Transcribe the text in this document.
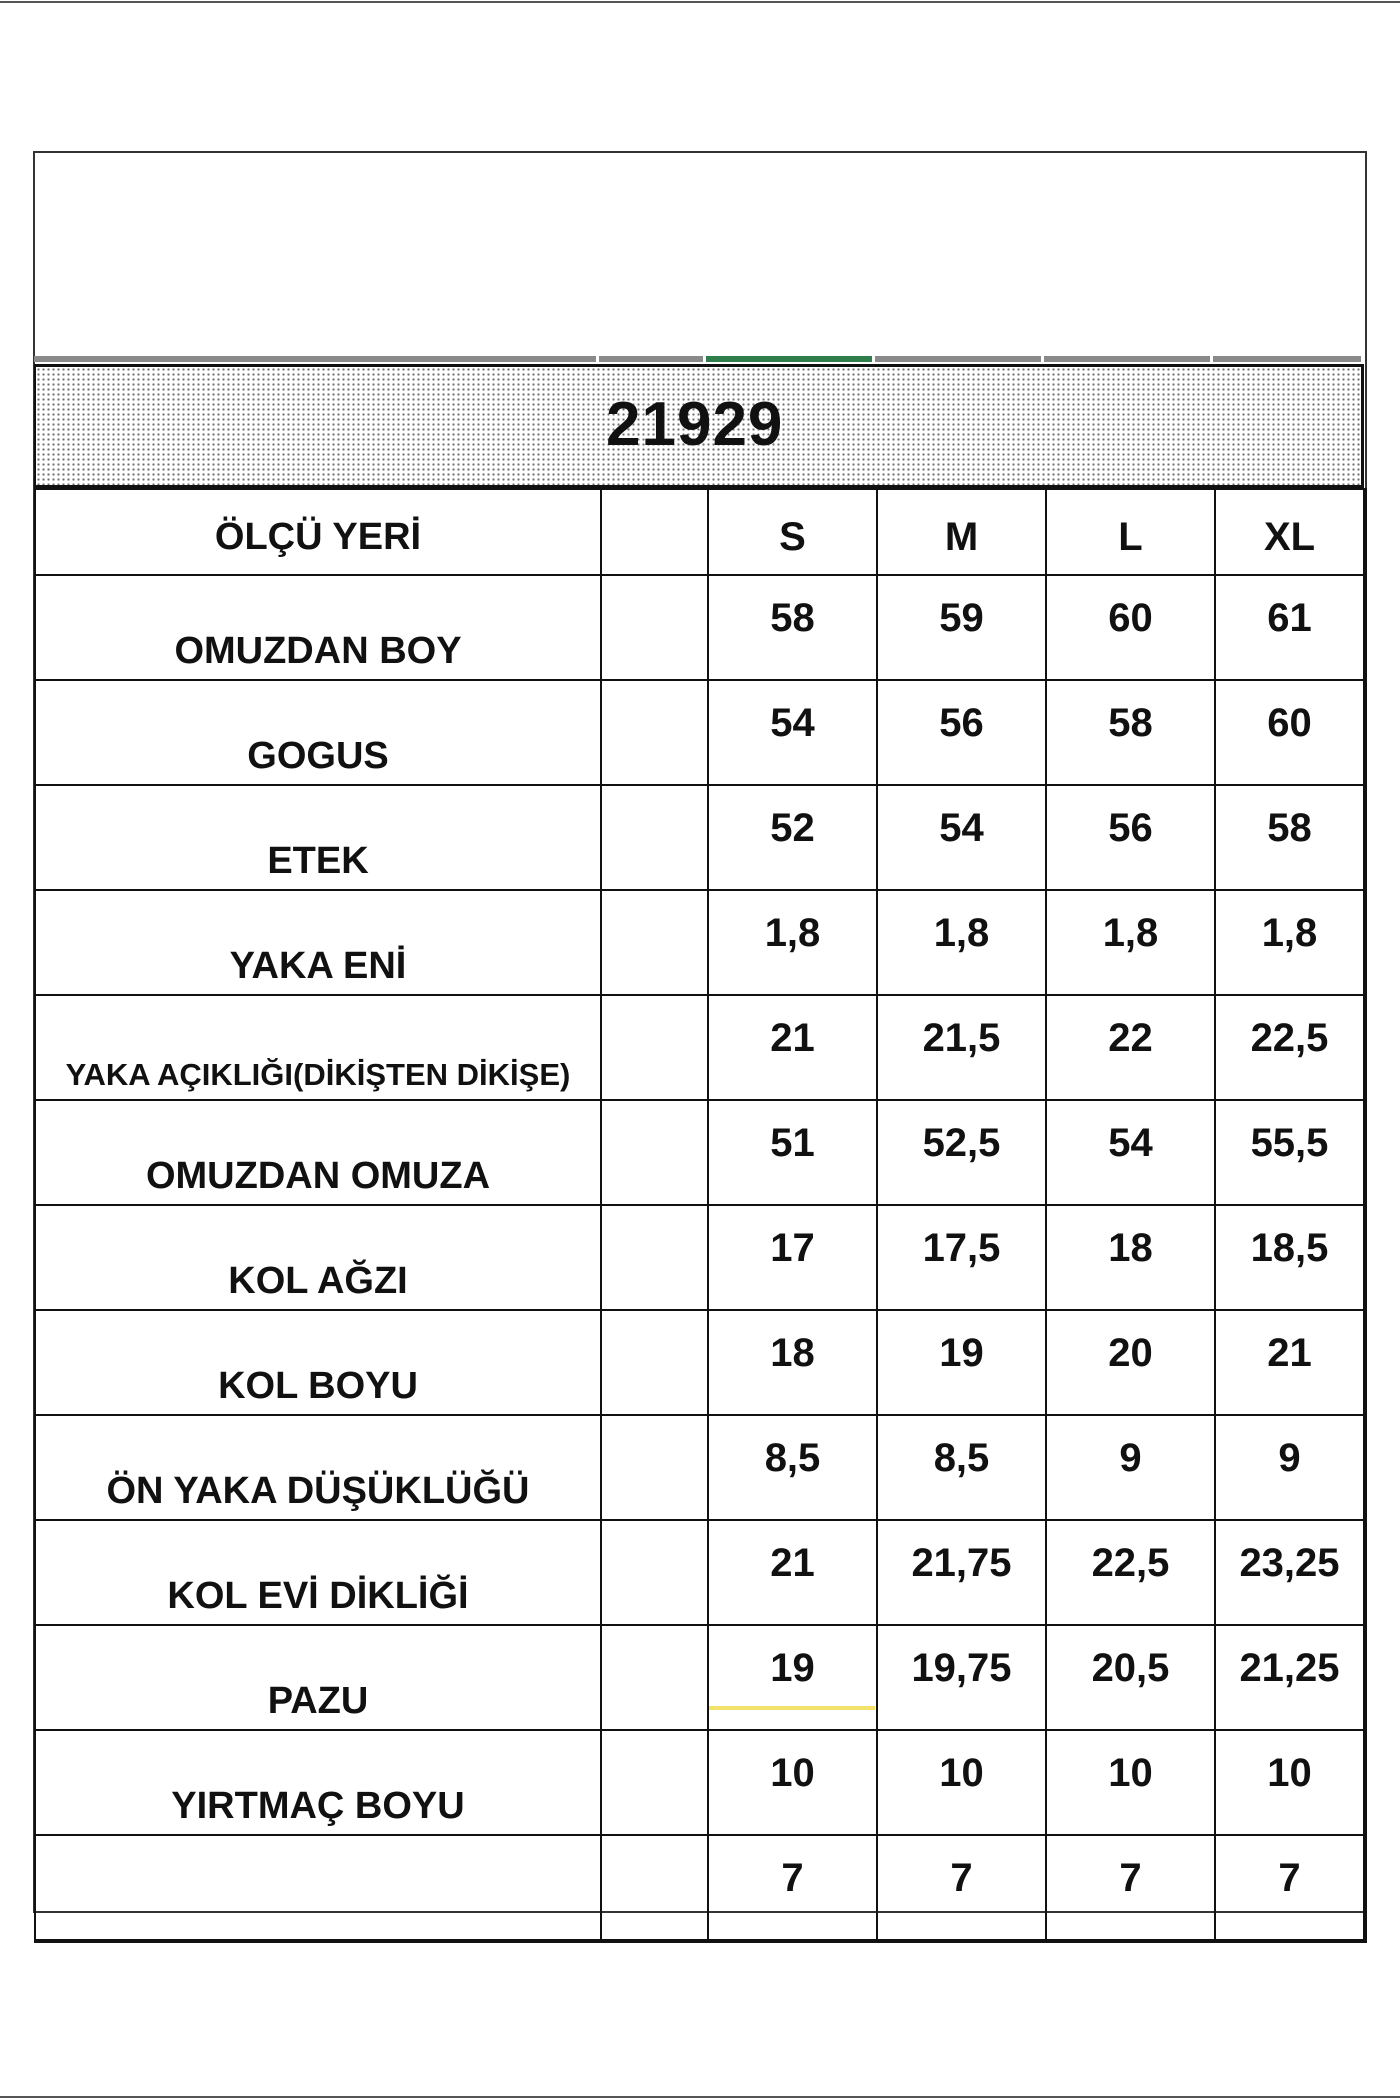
21929
ÖLÇÜ YERİ		S	M	L	XL
OMUZDAN BOY		58	59	60	61
GOGUS		54	56	58	60
ETEK		52	54	56	58
YAKA ENİ		1,8	1,8	1,8	1,8
YAKA AÇIKLIĞI(DİKİŞTEN DİKİŞE)		21	21,5	22	22,5
OMUZDAN OMUZA		51	52,5	54	55,5
KOL AĞZI		17	17,5	18	18,5
KOL BOYU		18	19	20	21
ÖN YAKA DÜŞÜKLÜĞÜ		8,5	8,5	9	9
KOL EVİ DİKLİĞİ		21	21,75	22,5	23,25
PAZU		19	19,75	20,5	21,25
YIRTMAÇ BOYU		10	10	10	10
		7	7	7	7
